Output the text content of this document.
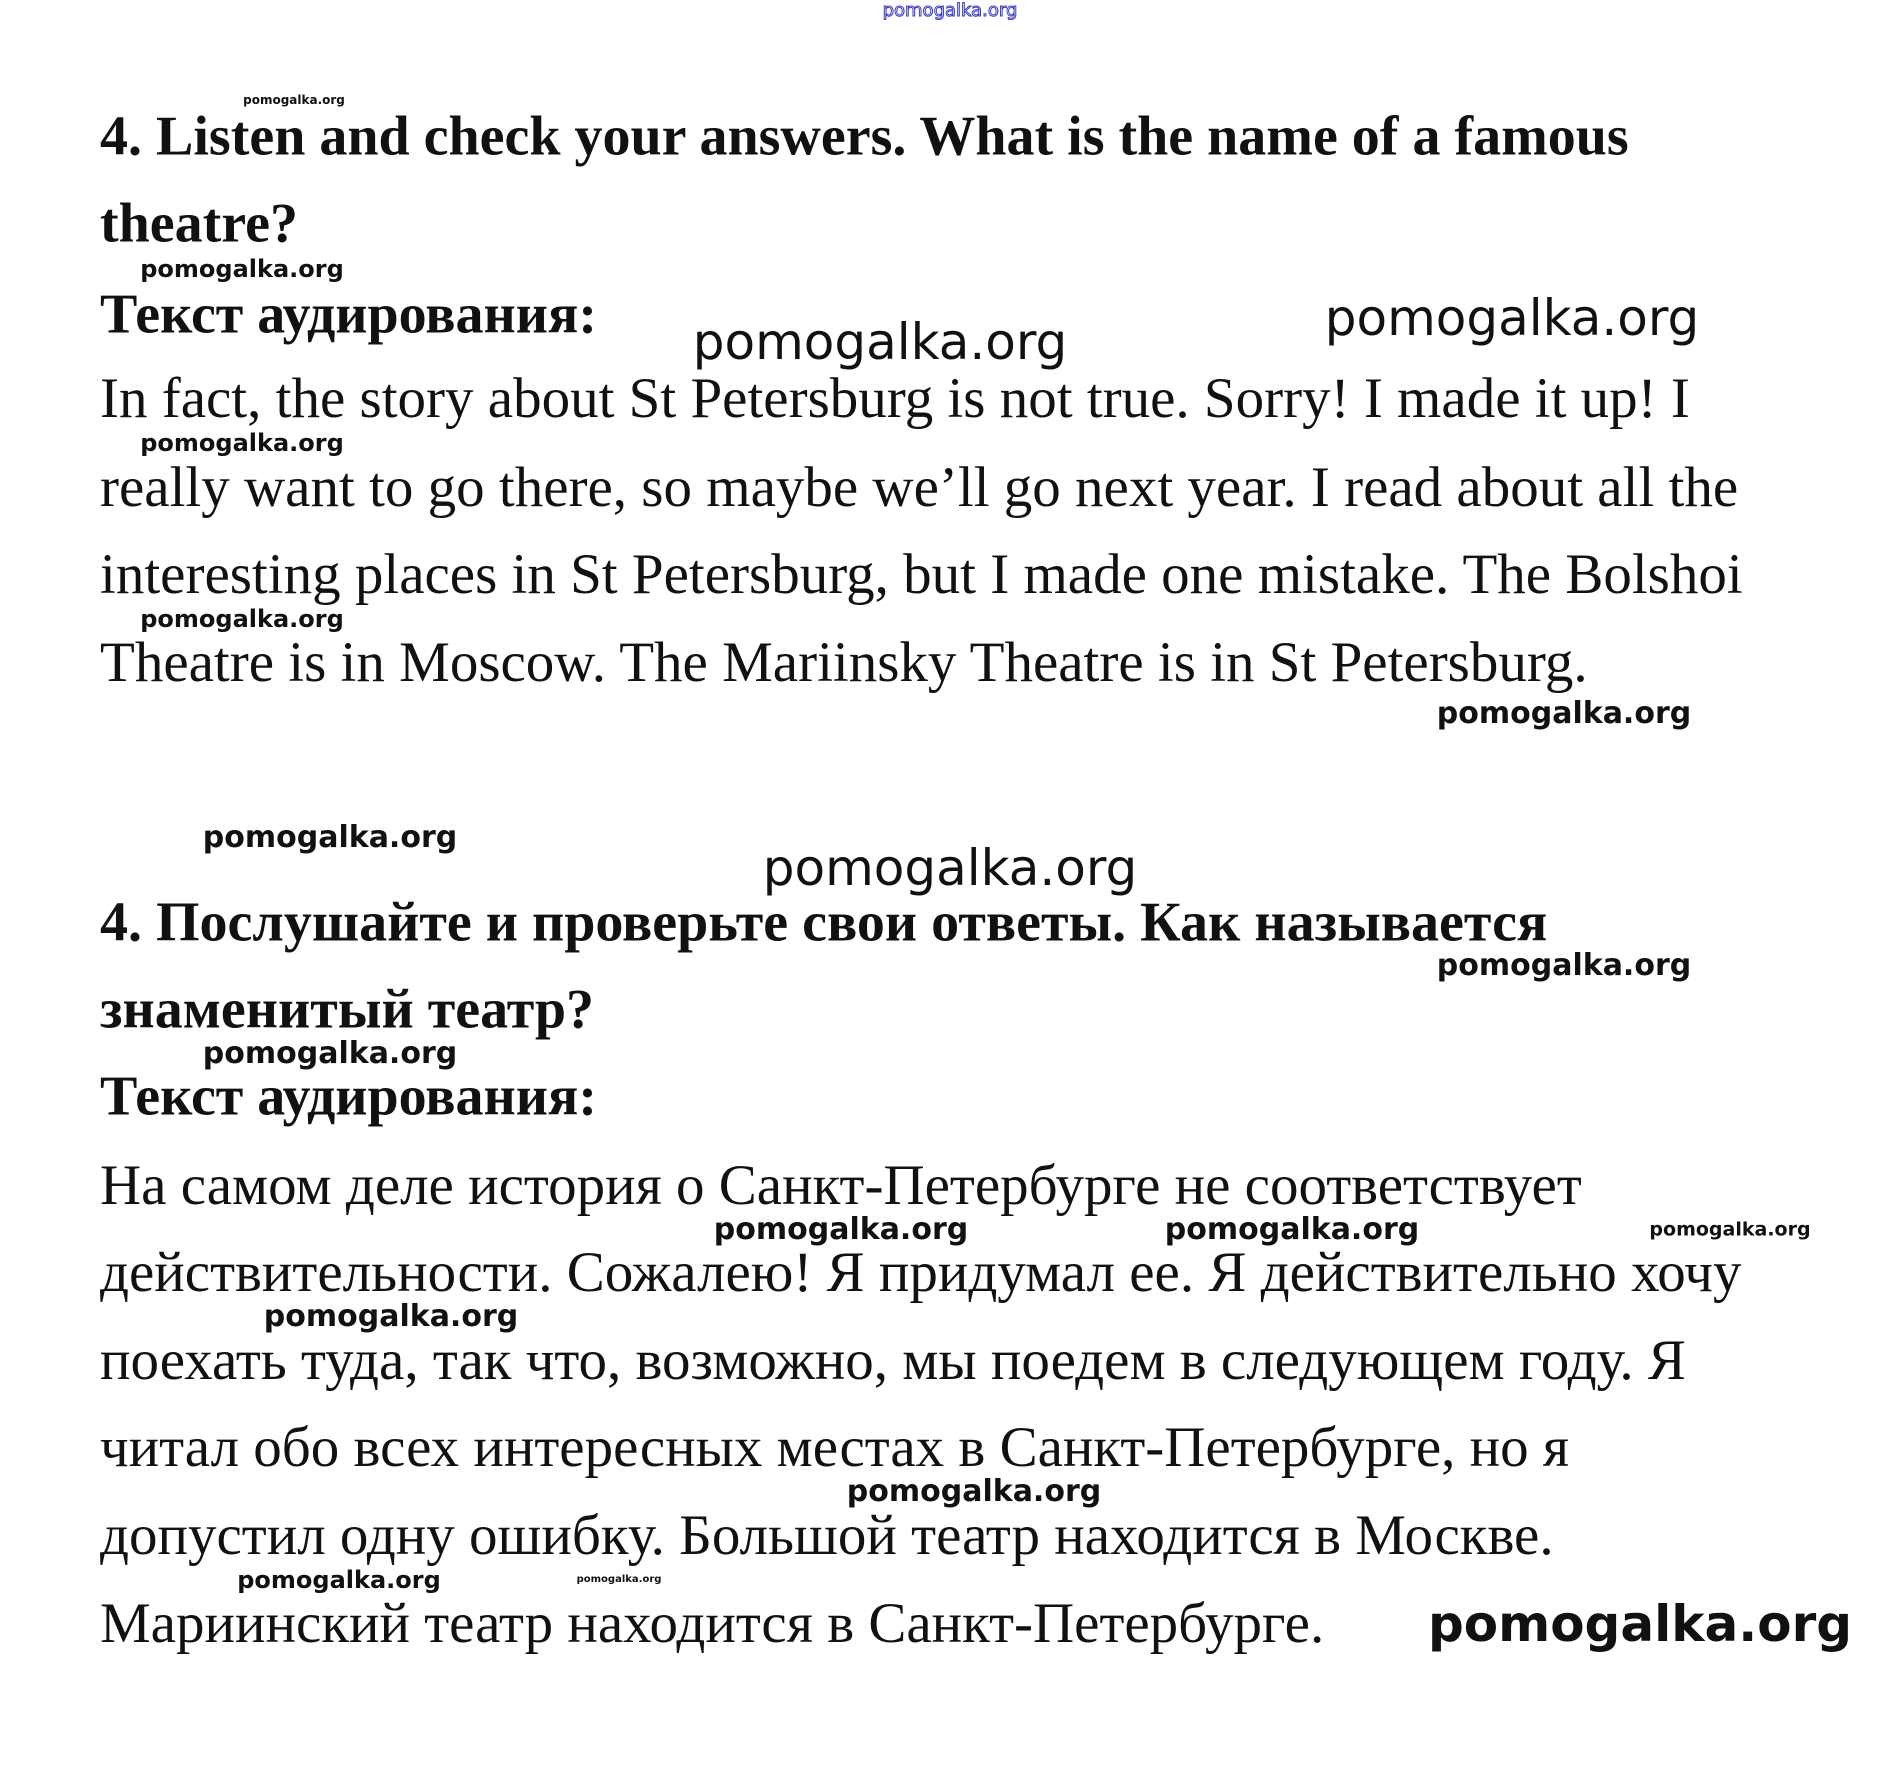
4. Listen and check your answers. What is the name of a famous
theatre?
Текст аудирования:
In fact, the story about St Petersburg is not true. Sorry! I made it up! I
really want to go there, so maybe we’ll go next year. I read about all the
interesting places in St Petersburg, but I made one mistake. The Bolshoi
Theatre is in Moscow. The Mariinsky Theatre is in St Petersburg.
4. Послушайте и проверьте свои ответы. Как называется
знаменитый театр?
Текст аудирования:
На самом деле история о Санкт-Петербурге не соответствует
действительности. Сожалею! Я придумал ее. Я действительно хочу
поехать туда, так что, возможно, мы поедем в следующем году. Я
читал обо всех интересных местах в Санкт-Петербурге, но я
допустил одну ошибку. Большой театр находится в Москве.
Мариинский театр находится в Санкт-Петербурге.
pomogalka.org
pomogalka.org
pomogalka.org
pomogalka.org	pomogalka.org
pomogalka.org
pomogalka.org
pomogalka.org
pomogalka.org
pomogalka.org
pomogalka.org
pomogalka.org
pomogalka.org	pomogalka.org	pomogalka.org
pomogalka.org
pomogalka.org
pomogalka.org	pomogalka.org
pomogalka.org
